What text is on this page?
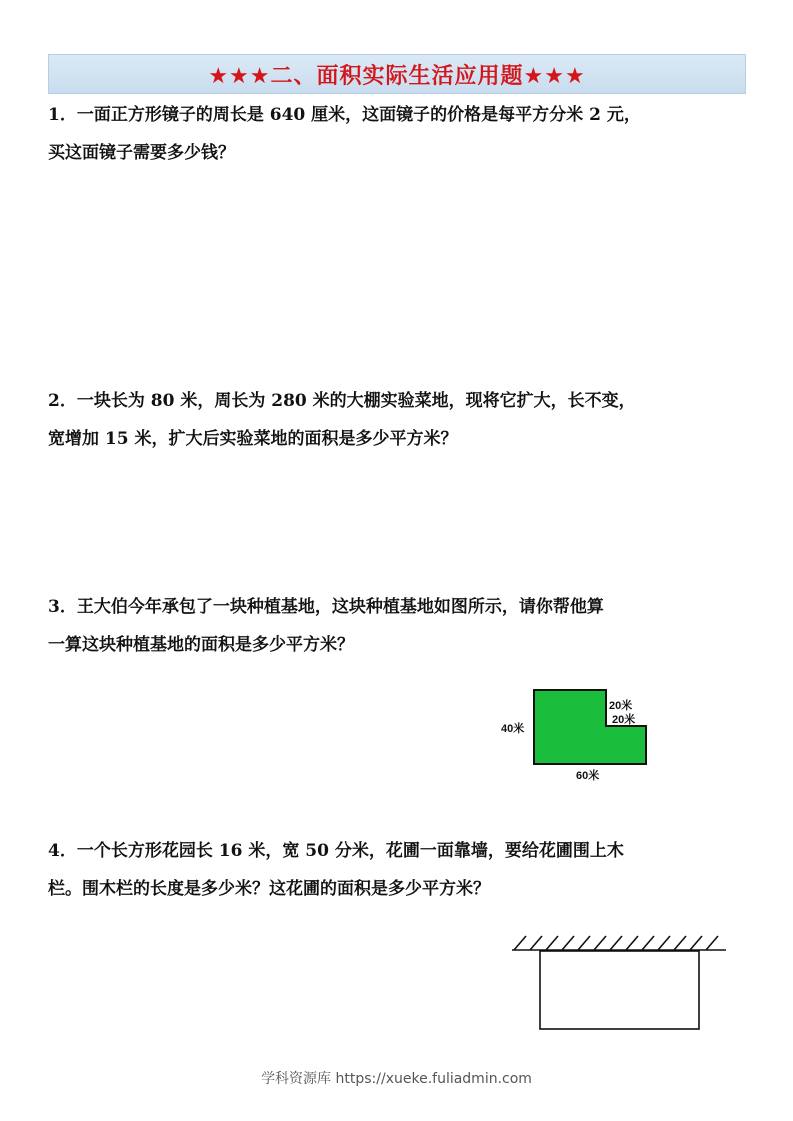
★★★二、面积实际生活应用题★★★
1．一面正方形镜子的周长是 640 厘米，这面镜子的价格是每平方分米 2 元，
买这面镜子需要多少钱？
2．一块长为 80 米，周长为 280 米的大棚实验菜地，现将它扩大，长不变，
宽增加 15 米，扩大后实验菜地的面积是多少平方米？
3．王大伯今年承包了一块种植基地，这块种植基地如图所示，请你帮他算
一算这块种植基地的面积是多少平方米？
40米
20米
20米
60米
4．一个长方形花园长 16 米，宽 50 分米，花圃一面靠墙，要给花圃围上木
栏。围木栏的长度是多少米？这花圃的面积是多少平方米？
学科资源库 https://xueke.fuliadmin.com
